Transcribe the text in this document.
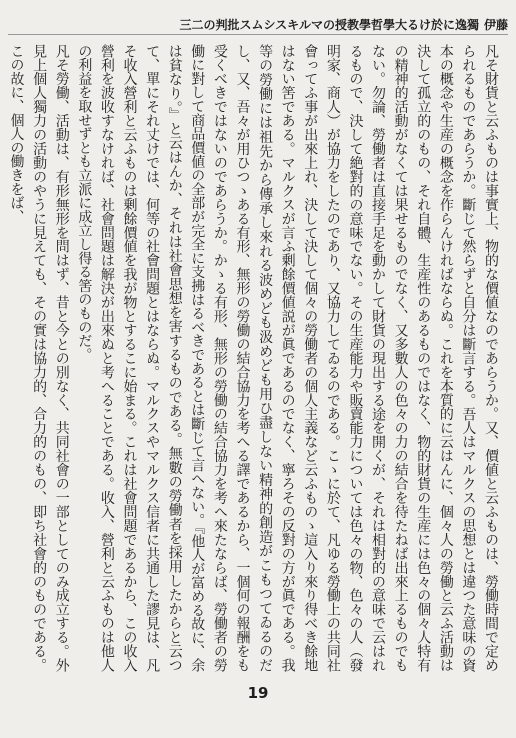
三二の判批スムシスキルマの授教學哲學大るけ於に逸獨 伊藤

凡そ財貨と云ふものは事實上、物的な價値なのであらうか。又、價値と云ふものは、勞働時間で定められるものであらうか。斷じて然らずと自分は斷言する。吾人はマルクスの思想とは違つた意味の資本の概念や生産の概念を作らんければならぬ。これを本質的に云はんに、個々人の勞働と云ふ活動は決して孤立的のもの、それ自體、生産性のあるものではなく、物的財貨の生産には色々の個々人特有の精神的活動がなくては果せるものでなく、又多數人の色々の力の結合を待たねば出來上るものでもない。勿論、勞働者は直接手足を動かして財貨の現出する途を開くが、それは相對的の意味で云はれるもので、決して絶對的の意味でない。その生産能力や販賣能力については色々の物、色々の人（發明家、商人）が協力をしたのであり、又協力してゐるのである。こゝに於て、凡ゆる勞働上の共同社會ってふ事が出來上れ、決して決して個々の勞働者の個人主義など云ふものゝ這入り來り得べき餘地はない筈である。マルクスが言ふ剰餘價値説が眞であるのでなく、寧ろその反對の方が眞である。我等の勞働には祖先から傳承し來れる波めども汲めども用ひ盡しない精神的創造がこもつてゐるのだし、又、吾々が用ひつゝある有形、無形の勞働の結合協力を考へる譯であるから、一個何の報酬をも受くべきではないのであらうか。かゝる有形、無形の勞働の結合協力を考へ來たならば、勞働者の勞働に對して商品價値の全部が完全に支拂はるべきであるとは斷じて言へない。『他人が富める故に、余は貧なり。』と云はんか、それは社會思想を害するものである。無數の勞働者を採用したからと云つて、單にそれ丈けでは、何等の社會問題とはならぬ。マルクスやマルクス信者に共通した謬見は、凡そ收入營利と云ふものは剰餘價値を我が物とするこに始まる。これは社會問題であるから、この收入營利を波收すなければ、社會問題は解決が出來ぬと考へることである。收入、營利と云ふものは他人の利益を取せずとも立派に成立し得る筈のものだ。
凡そ勞働、活動は、有形無形を問はず、昔と今との別なく、共同社會の一部としてのみ成立する。外見上個人獨力の活動のやうに見えても、その實は協力的、合力的のもの、即ち社會的のものである。この故に、個人の働きをば、

19
